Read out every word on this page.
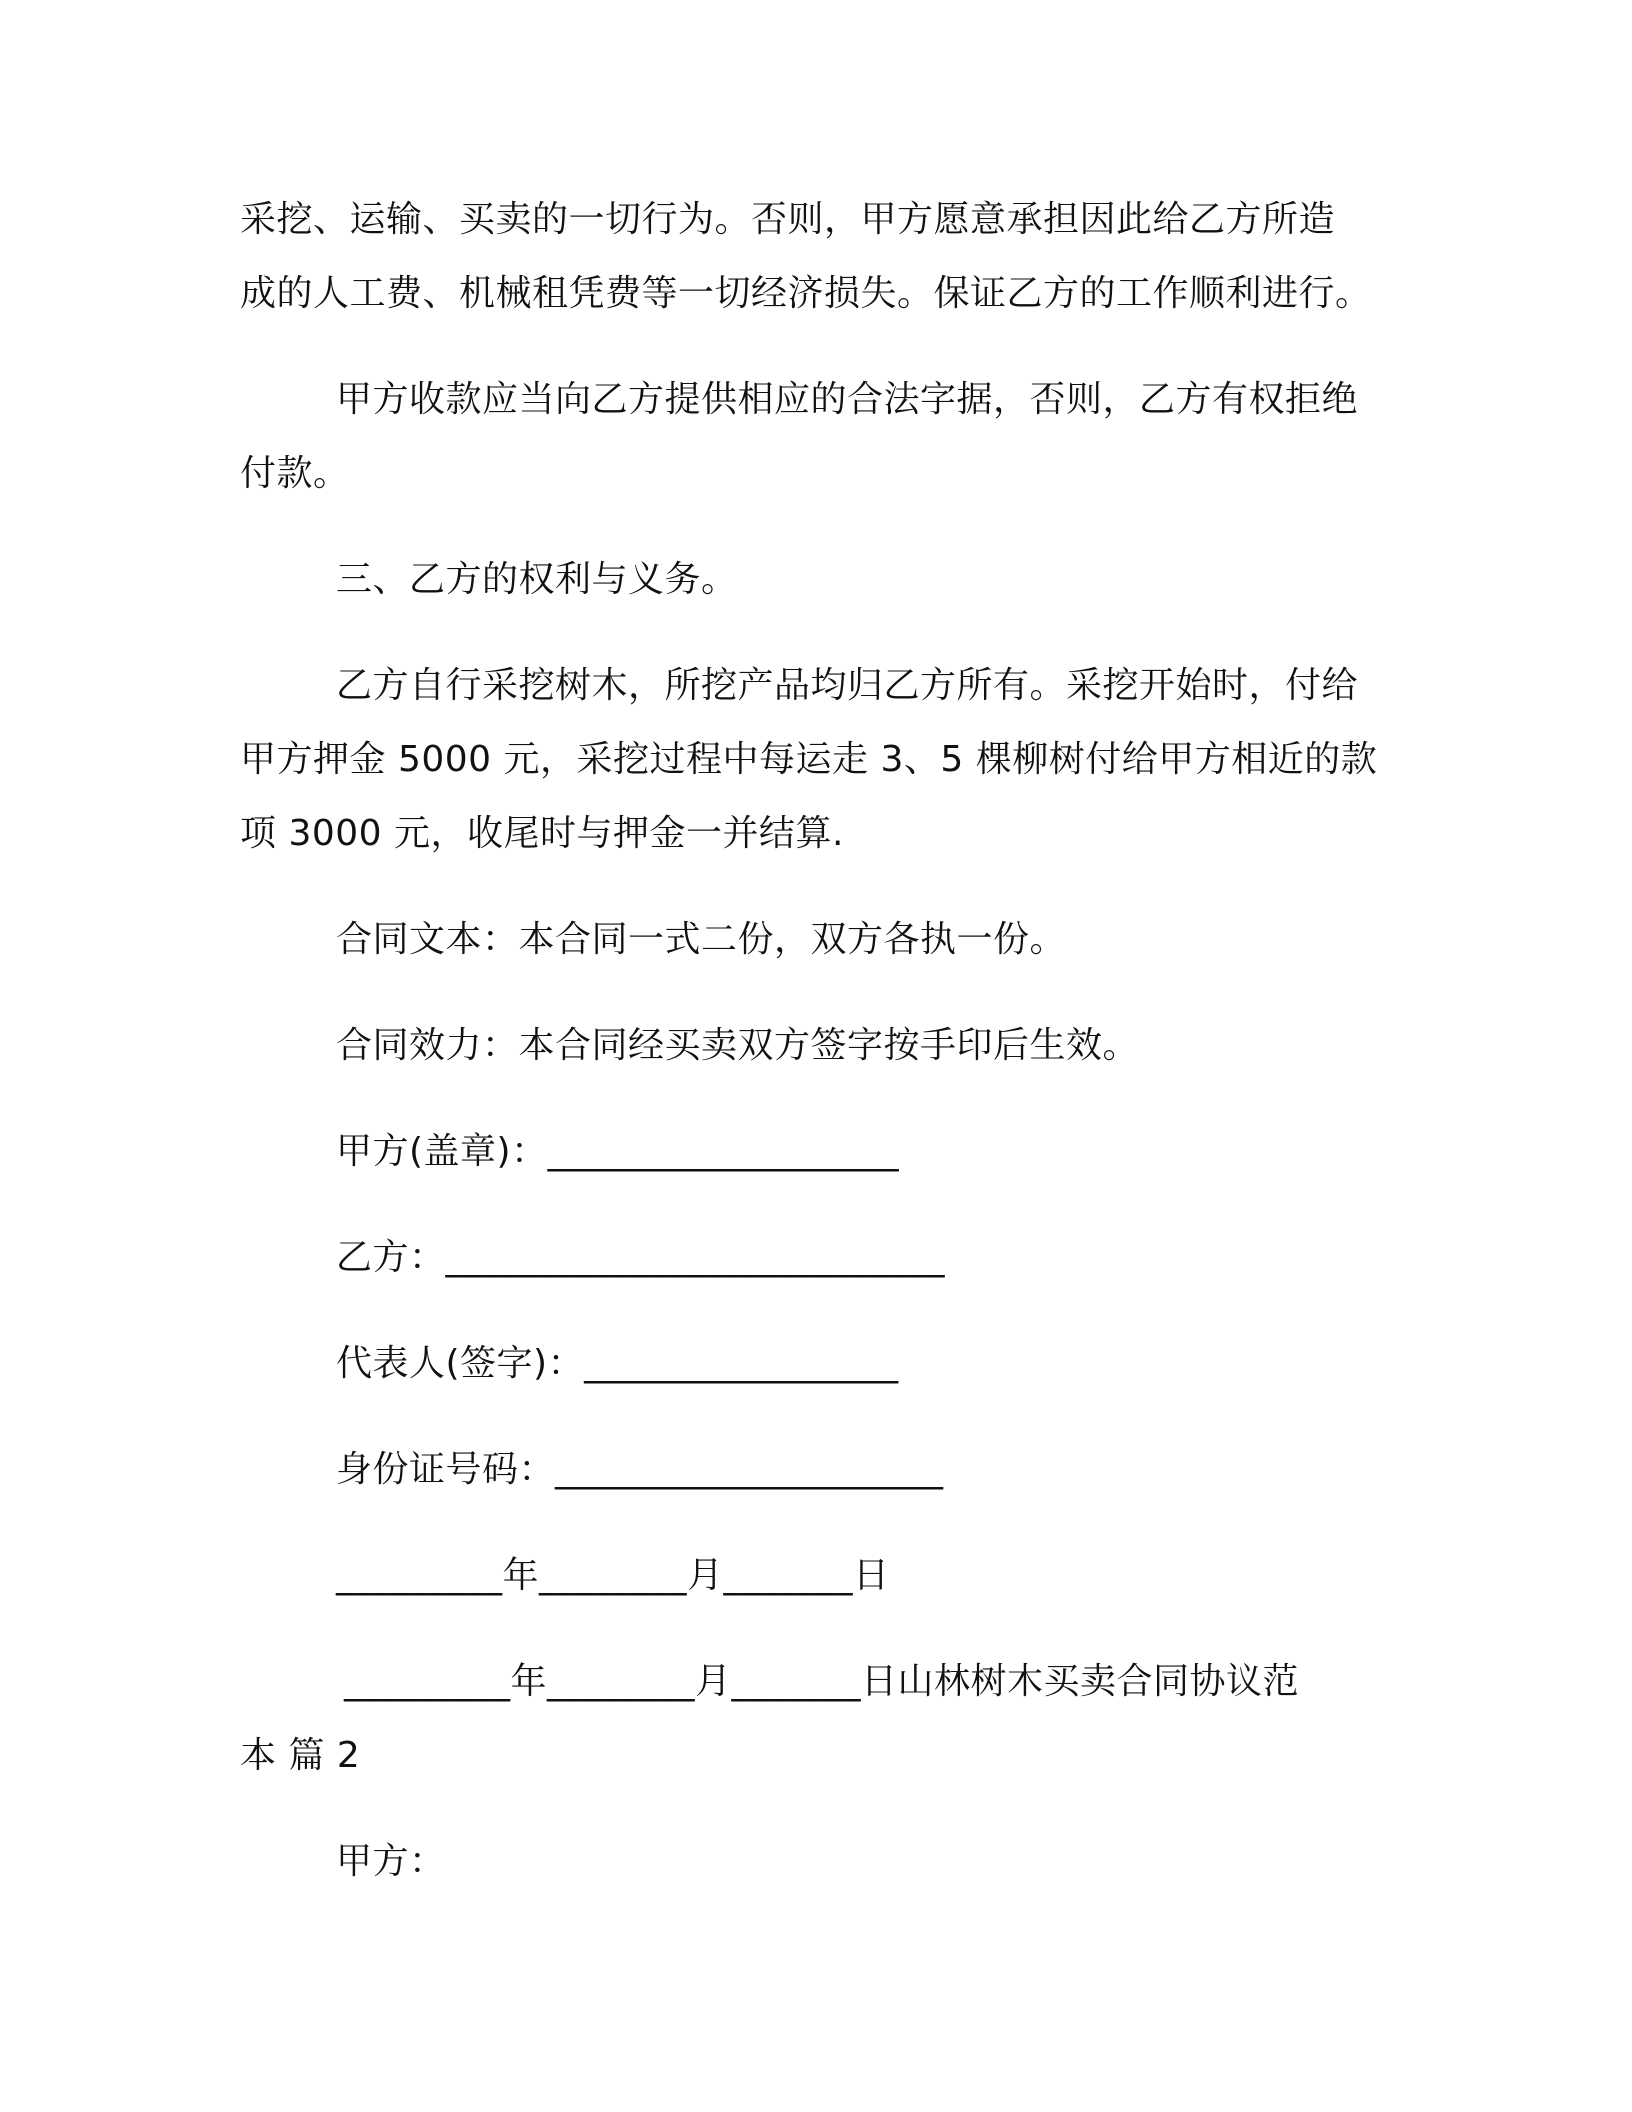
采挖、运输、买卖的一切行为。否则，甲方愿意承担因此给乙方所造
成的人工费、机械租凭费等一切经济损失。保证乙方的工作顺利进行。
甲方收款应当向乙方提供相应的合法字据，否则，乙方有权拒绝
付款。
三、乙方的权利与义务。
乙方自行采挖树木，所挖产品均归乙方所有。采挖开始时，付给
甲方押金 5000 元，采挖过程中每运走 3、5 棵柳树付给甲方相近的款
项 3000 元，收尾时与押金一并结算.
合同文本：本合同一式二份，双方各执一份。
合同效力：本合同经买卖双方签字按手印后生效。
甲方(盖章)：___________________
乙方：___________________________
代表人(签字)：_________________
身份证号码：_____________________
_________年________月_______日
_________年________月_______日山林树木买卖合同协议范
本 篇 2
甲方：
